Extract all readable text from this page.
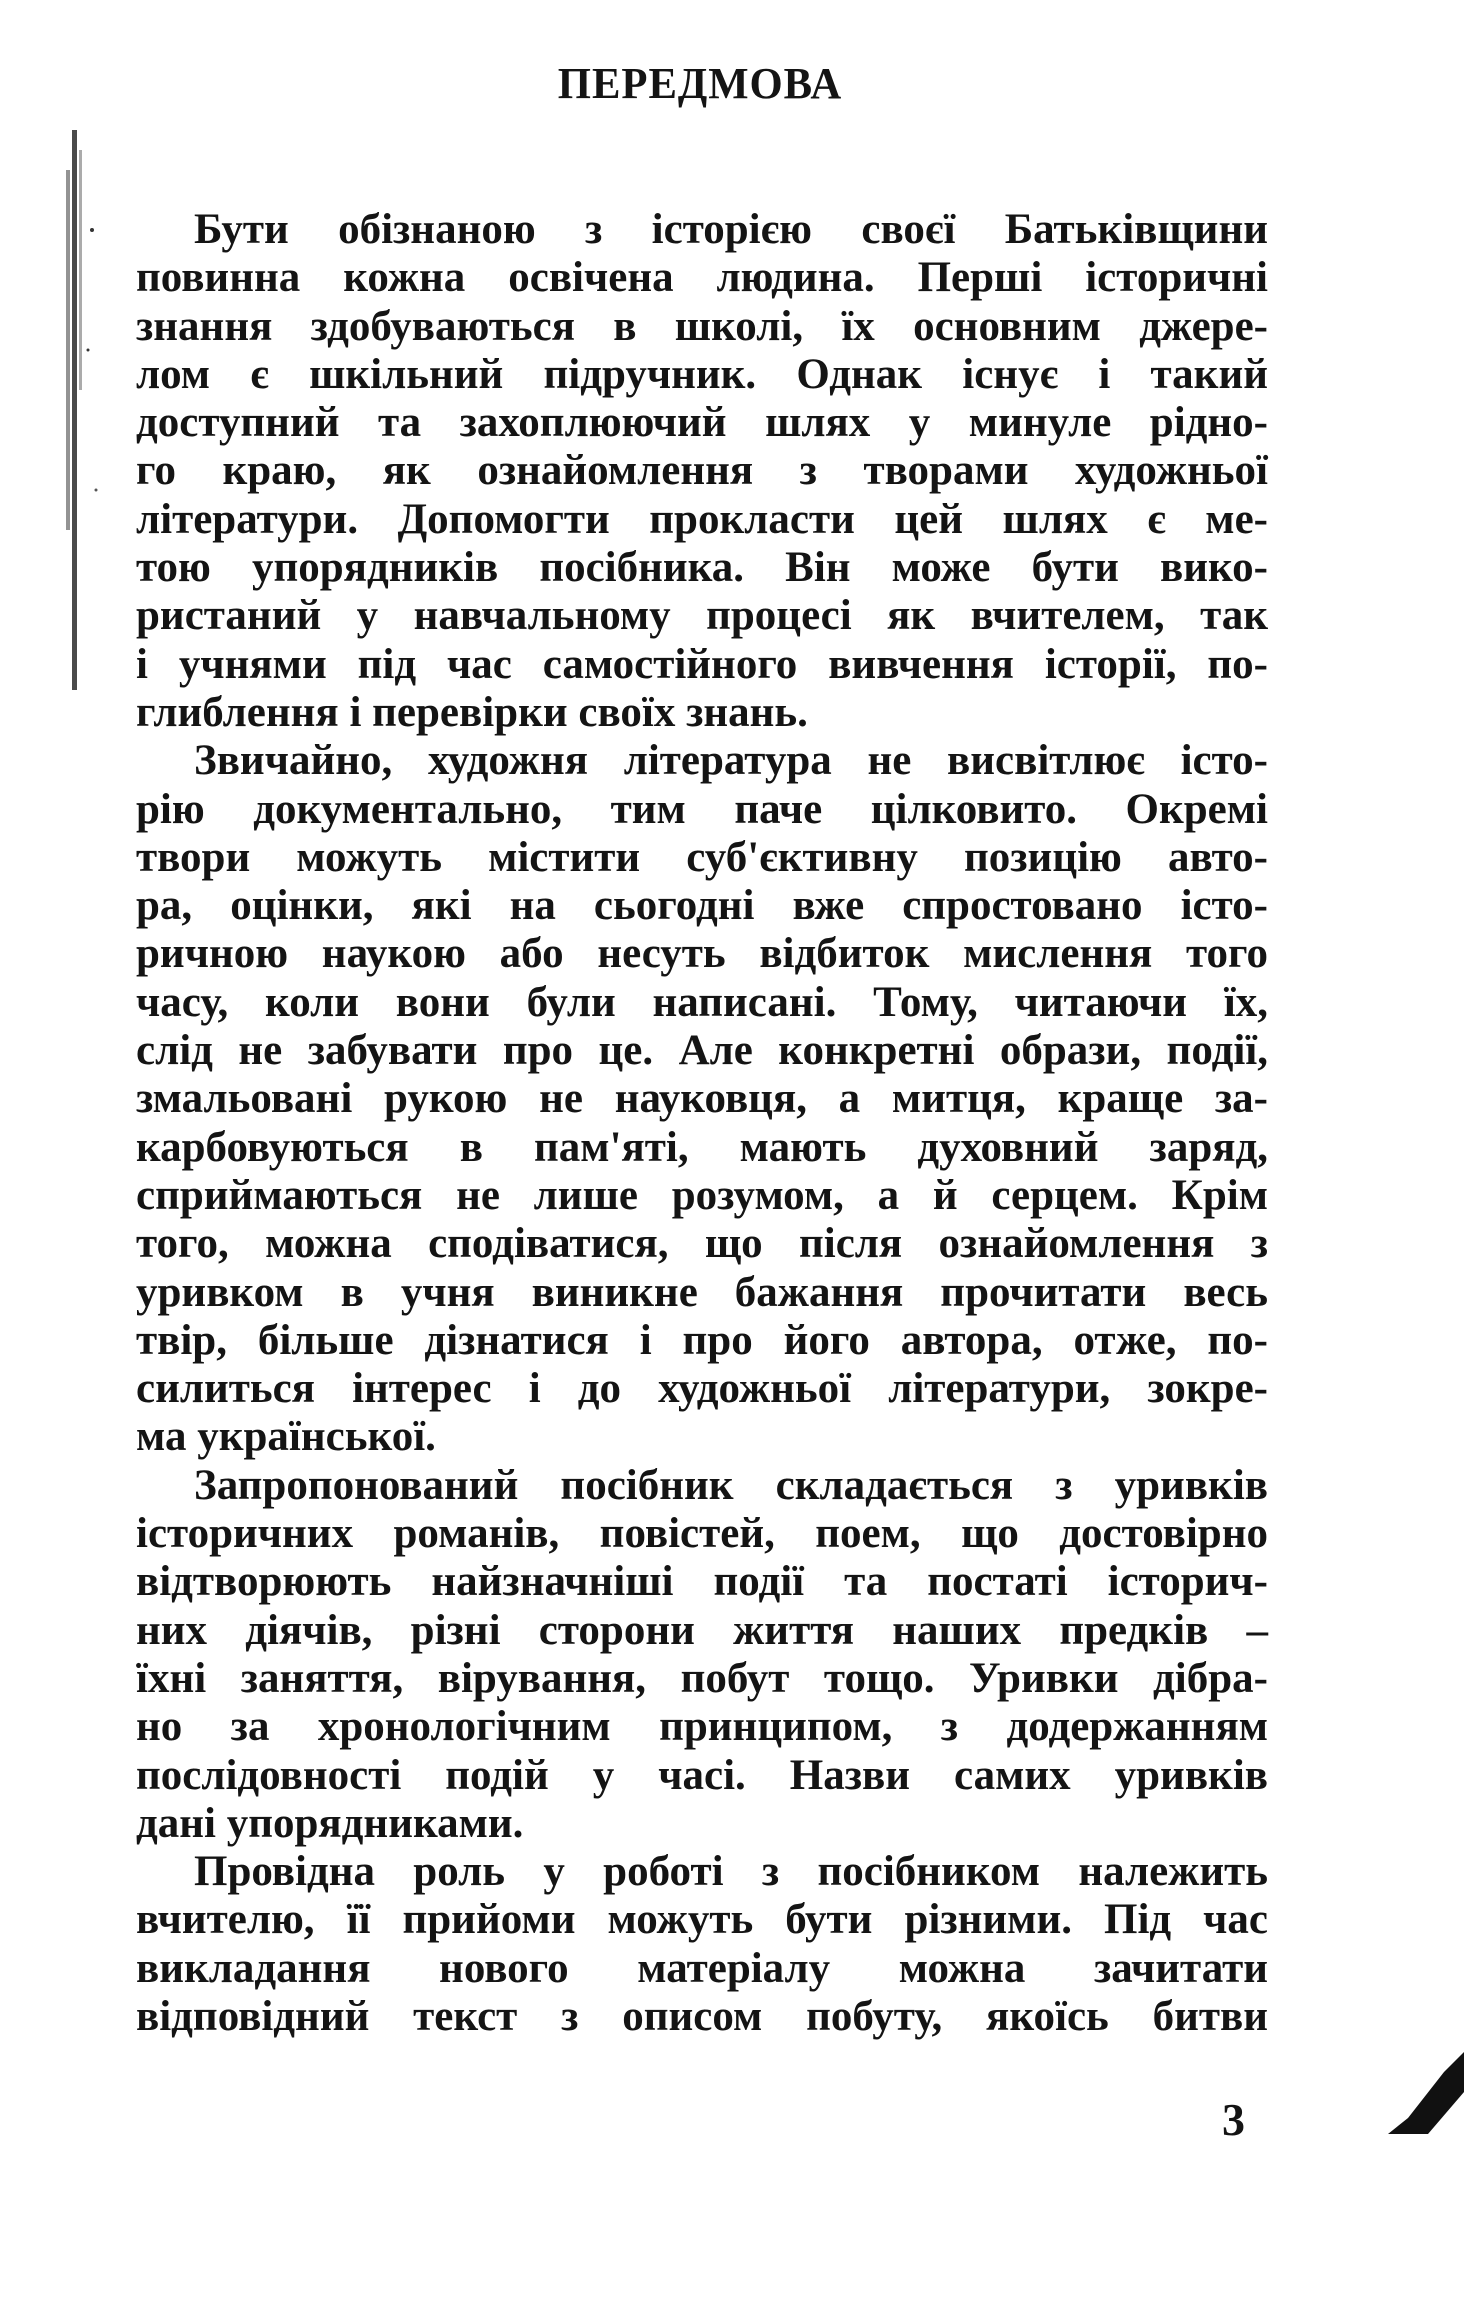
ПЕРЕДМОВА
Бути обізнаною з історією своєї Батьківщини
повинна кожна освічена людина. Перші історичні
знання здобуваються в школі, їх основним джере-
лом є шкільний підручник. Однак існує і такий
доступний та захоплюючий шлях у минуле рідно-
го краю, як ознайомлення з творами художньої
літератури. Допомогти прокласти цей шлях є ме-
тою упорядників посібника. Він може бути вико-
ристаний у навчальному процесі як вчителем, так
і учнями під час самостійного вивчення історії, по-
глиблення і перевірки своїх знань.
Звичайно, художня література не висвітлює істо-
рію документально, тим паче цілковито. Окремі
твори можуть містити суб'єктивну позицію авто-
ра, оцінки, які на сьогодні вже спростовано істо-
ричною наукою або несуть відбиток мислення того
часу, коли вони були написані. Тому, читаючи їх,
слід не забувати про це. Але конкретні образи, події,
змальовані рукою не науковця, а митця, краще за-
карбовуються в пам'яті, мають духовний заряд,
сприймаються не лише розумом, а й серцем. Крім
того, можна сподіватися, що після ознайомлення з
уривком в учня виникне бажання прочитати весь
твір, більше дізнатися і про його автора, отже, по-
силиться інтерес і до художньої літератури, зокре-
ма української.
Запропонований посібник складається з уривків
історичних романів, повістей, поем, що достовірно
відтворюють найзначніші події та постаті історич-
них діячів, різні сторони життя наших предків –
їхні заняття, вірування, побут тощо. Уривки дібра-
но за хронологічним принципом, з додержанням
послідовності подій у часі. Назви самих уривків
дані упорядниками.
Провідна роль у роботі з посібником належить
вчителю, її прийоми можуть бути різними. Під час
викладання нового матеріалу можна зачитати
відповідний текст з описом побуту, якоїсь битви
3
